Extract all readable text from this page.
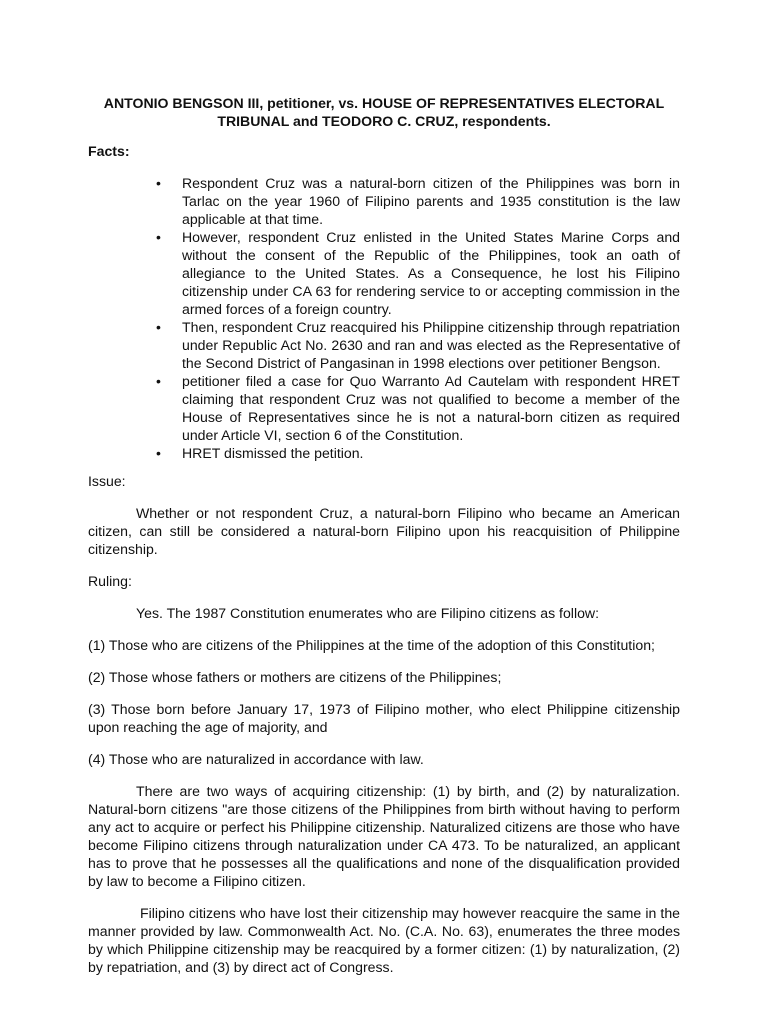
ANTONIO BENGSON III, petitioner, vs. HOUSE OF REPRESENTATIVES ELECTORAL TRIBUNAL and TEODORO C. CRUZ, respondents.
Facts:
• Respondent Cruz was a natural-born citizen of the Philippines was born in Tarlac on the year 1960 of Filipino parents and 1935 constitution is the law applicable at that time.
• However, respondent Cruz enlisted in the United States Marine Corps and without the consent of the Republic of the Philippines, took an oath of allegiance to the United States. As a Consequence, he lost his Filipino citizenship under CA 63 for rendering service to or accepting commission in the armed forces of a foreign country.
• Then, respondent Cruz reacquired his Philippine citizenship through repatriation under Republic Act No. 2630 and ran and was elected as the Representative of the Second District of Pangasinan in 1998 elections over petitioner Bengson.
• petitioner filed a case for Quo Warranto Ad Cautelam with respondent HRET claiming that respondent Cruz was not qualified to become a member of the House of Representatives since he is not a natural-born citizen as required under Article VI, section 6 of the Constitution.
• HRET dismissed the petition.
Issue:

Whether or not respondent Cruz, a natural-born Filipino who became an American citizen, can still be considered a natural-born Filipino upon his reacquisition of Philippine citizenship.

Ruling:

Yes. The 1987 Constitution enumerates who are Filipino citizens as follow:

(1) Those who are citizens of the Philippines at the time of the adoption of this Constitution;

(2) Those whose fathers or mothers are citizens of the Philippines;

(3) Those born before January 17, 1973 of Filipino mother, who elect Philippine citizenship upon reaching the age of majority, and

(4) Those who are naturalized in accordance with law.

There are two ways of acquiring citizenship: (1) by birth, and (2) by naturalization. Natural-born citizens "are those citizens of the Philippines from birth without having to perform any act to acquire or perfect his Philippine citizenship. Naturalized citizens are those who have become Filipino citizens through naturalization under CA 473. To be naturalized, an applicant has to prove that he possesses all the qualifications and none of the disqualification provided by law to become a Filipino citizen.

Filipino citizens who have lost their citizenship may however reacquire the same in the manner provided by law. Commonwealth Act. No. (C.A. No. 63), enumerates the three modes by which Philippine citizenship may be reacquired by a former citizen: (1) by naturalization, (2) by repatriation, and (3) by direct act of Congress.
